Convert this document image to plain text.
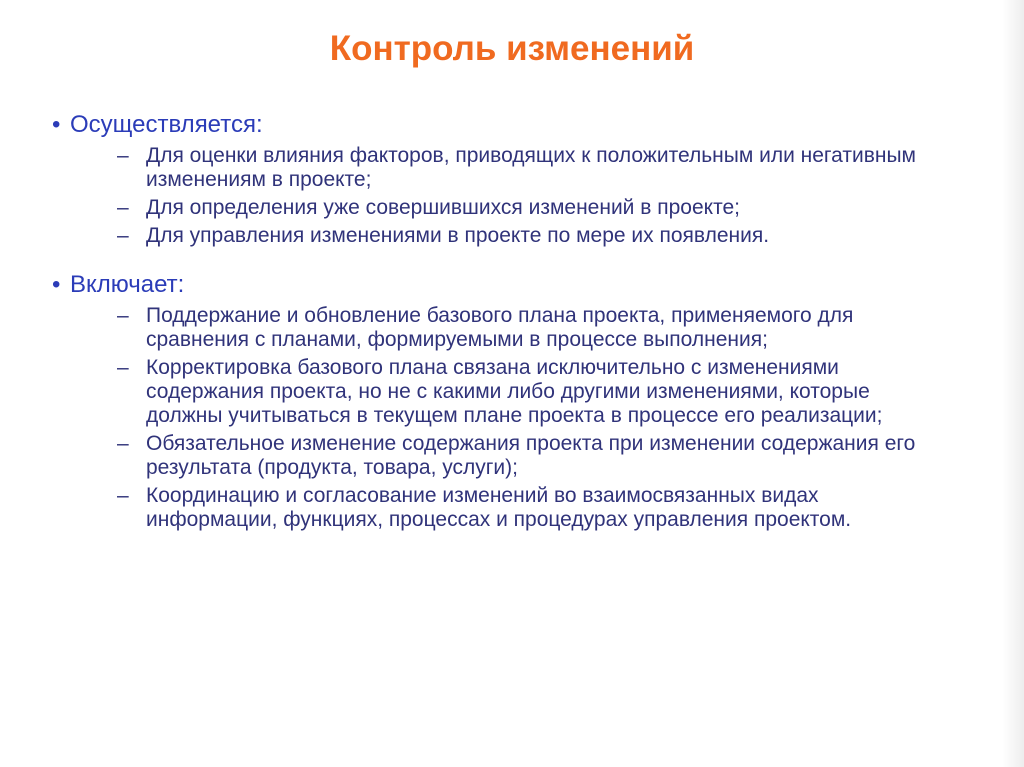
Контроль изменений
• Осуществляется:
– Для оценки влияния факторов, приводящих к положительным или негативным изменениям в проекте;
– Для определения уже совершившихся изменений в проекте;
– Для управления изменениями в проекте по мере их появления.
• Включает:
– Поддержание и обновление базового плана проекта, применяемого для сравнения с планами, формируемыми в процессе выполнения;
– Корректировка базового плана связана исключительно с изменениями содержания проекта, но не с какими либо другими изменениями, которые должны учитываться в текущем плане проекта в процессе его реализации;
– Обязательное изменение содержания проекта при изменении содержания его результата (продукта, товара, услуги);
– Координацию и согласование изменений во взаимосвязанных видах информации, функциях, процессах и процедурах управления проектом.
